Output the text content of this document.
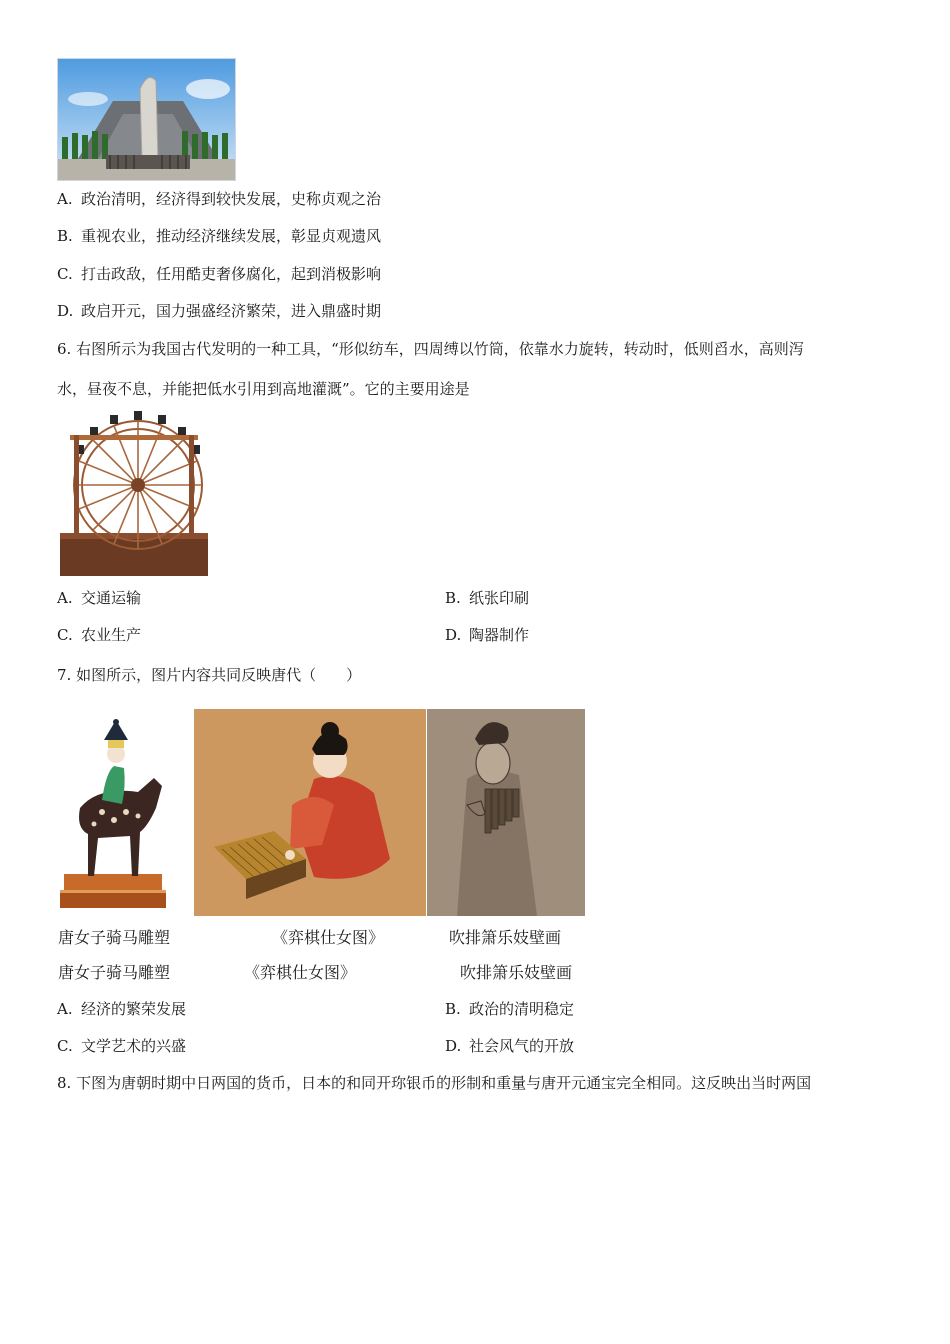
A. 政治清明，经济得到较快发展，史称贞观之治
B. 重视农业，推动经济继续发展，彰显贞观遗风
C. 打击政敌，任用酷吏奢侈腐化，起到消极影响
D. 政启开元，国力强盛经济繁荣，进入鼎盛时期
6. 右图所示为我国古代发明的一种工具，“形似纺车，四周缚以竹筒，依靠水力旋转，转动时，低则舀水，高则泻
水，昼夜不息，并能把低水引用到高地灌溉”。它的主要用途是
A. 交通运输	B. 纸张印刷
C. 农业生产	D. 陶器制作
7. 如图所示，图片内容共同反映唐代（　　）
唐女子骑马雕塑	《弈棋仕女图》	吹排箫乐妓壁画
唐女子骑马雕塑	《弈棋仕女图》	吹排箫乐妓壁画
A. 经济的繁荣发展	B. 政治的清明稳定
C. 文学艺术的兴盛	D. 社会风气的开放
8. 下图为唐朝时期中日两国的货币，日本的和同开珎银币的形制和重量与唐开元通宝完全相同。这反映出当时两国
